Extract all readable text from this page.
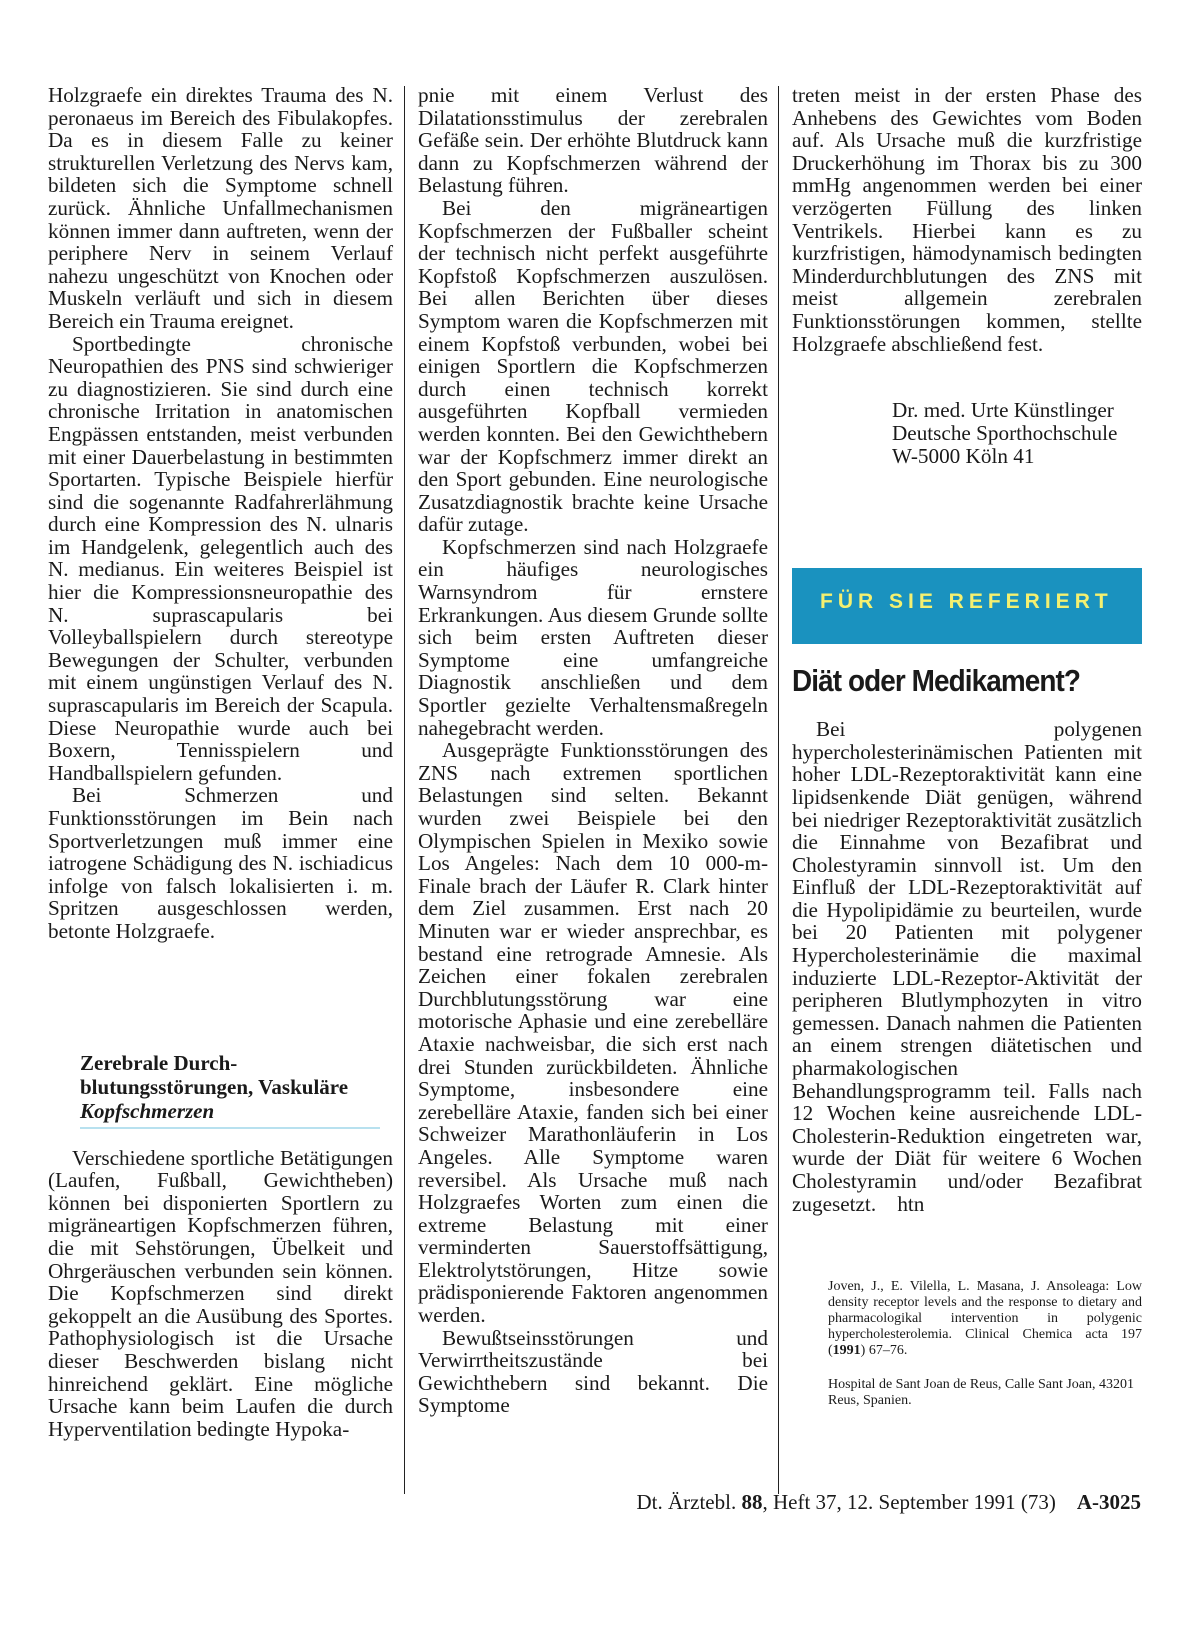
Holzgraefe ein direktes Trauma des N. peronaeus im Bereich des Fibulakopfes. Da es in diesem Falle zu keiner strukturellen Verletzung des Nervs kam, bildeten sich die Symptome schnell zurück. Ähnliche Unfallmechanismen können immer dann auftreten, wenn der periphere Nerv in seinem Verlauf nahezu ungeschützt von Knochen oder Muskeln verläuft und sich in diesem Bereich ein Trauma ereignet.

Sportbedingte chronische Neuropathien des PNS sind schwieriger zu diagnostizieren. Sie sind durch eine chronische Irritation in anatomischen Engpässen entstanden, meist verbunden mit einer Dauerbelastung in bestimmten Sportarten. Typische Beispiele hierfür sind die sogenannte Radfahrerlähmung durch eine Kompression des N. ulnaris im Handgelenk, gelegentlich auch des N. medianus. Ein weiteres Beispiel ist hier die Kompressionsneuropathie des N. suprascapularis bei Volleyballspielern durch stereotype Bewegungen der Schulter, verbunden mit einem ungünstigen Verlauf des N. suprascapularis im Bereich der Scapula. Diese Neuropathie wurde auch bei Boxern, Tennisspielern und Handballspielern gefunden.

Bei Schmerzen und Funktionsstörungen im Bein nach Sportverletzungen muß immer eine iatrogene Schädigung des N. ischiadicus infolge von falsch lokalisierten i. m. Spritzen ausgeschlossen werden, betonte Holzgraefe.

Zerebrale Durch-
blutungsstörungen, Vaskuläre
Kopfschmerzen

Verschiedene sportliche Betätigungen (Laufen, Fußball, Gewichtheben) können bei disponierten Sportlern zu migräneartigen Kopfschmerzen führen, die mit Sehstörungen, Übelkeit und Ohrgeräuschen verbunden sein können. Die Kopfschmerzen sind direkt gekoppelt an die Ausübung des Sportes. Pathophysiologisch ist die Ursache dieser Beschwerden bislang nicht hinreichend geklärt. Eine mögliche Ursache kann beim Laufen die durch Hyperventilation bedingte Hypoka-

pnie mit einem Verlust des Dilatationsstimulus der zerebralen Gefäße sein. Der erhöhte Blutdruck kann dann zu Kopfschmerzen während der Belastung führen.

Bei den migräneartigen Kopfschmerzen der Fußballer scheint der technisch nicht perfekt ausgeführte Kopfstoß Kopfschmerzen auszulösen. Bei allen Berichten über dieses Symptom waren die Kopfschmerzen mit einem Kopfstoß verbunden, wobei bei einigen Sportlern die Kopfschmerzen durch einen technisch korrekt ausgeführten Kopfball vermieden werden konnten. Bei den Gewichthebern war der Kopfschmerz immer direkt an den Sport gebunden. Eine neurologische Zusatzdiagnostik brachte keine Ursache dafür zutage.

Kopfschmerzen sind nach Holzgraefe ein häufiges neurologisches Warnsyndrom für ernstere Erkrankungen. Aus diesem Grunde sollte sich beim ersten Auftreten dieser Symptome eine umfangreiche Diagnostik anschließen und dem Sportler gezielte Verhaltensmaßregeln nahegebracht werden.

Ausgeprägte Funktionsstörungen des ZNS nach extremen sportlichen Belastungen sind selten. Bekannt wurden zwei Beispiele bei den Olympischen Spielen in Mexiko sowie Los Angeles: Nach dem 10 000-m-Finale brach der Läufer R. Clark hinter dem Ziel zusammen. Erst nach 20 Minuten war er wieder ansprechbar, es bestand eine retrograde Amnesie. Als Zeichen einer fokalen zerebralen Durchblutungsstörung war eine motorische Aphasie und eine zerebelläre Ataxie nachweisbar, die sich erst nach drei Stunden zurückbildeten. Ähnliche Symptome, insbesondere eine zerebelläre Ataxie, fanden sich bei einer Schweizer Marathonläuferin in Los Angeles. Alle Symptome waren reversibel. Als Ursache muß nach Holzgraefes Worten zum einen die extreme Belastung mit einer verminderten Sauerstoffsättigung, Elektrolytstörungen, Hitze sowie prädisponierende Faktoren angenommen werden.

Bewußtseinsstörungen und Verwirrtheitszustände bei Gewichthebern sind bekannt. Die Symptome

treten meist in der ersten Phase des Anhebens des Gewichtes vom Boden auf. Als Ursache muß die kurzfristige Druckerhöhung im Thorax bis zu 300 mmHg angenommen werden bei einer verzögerten Füllung des linken Ventrikels. Hierbei kann es zu kurzfristigen, hämodynamisch bedingten Minderdurchblutungen des ZNS mit meist allgemein zerebralen Funktionsstörungen kommen, stellte Holzgraefe abschließend fest.

Dr. med. Urte Künstlinger
Deutsche Sporthochschule
W-5000 Köln 41
FÜR SIE REFERIERT
Diät oder Medikament?

Bei polygenen hypercholesterinämischen Patienten mit hoher LDL-Rezeptoraktivität kann eine lipidsenkende Diät genügen, während bei niedriger Rezeptoraktivität zusätzlich die Einnahme von Bezafibrat und Cholestyramin sinnvoll ist. Um den Einfluß der LDL-Rezeptoraktivität auf die Hypolipidämie zu beurteilen, wurde bei 20 Patienten mit polygener Hypercholesterinämie die maximal induzierte LDL-Rezeptor-Aktivität der peripheren Blutlymphozyten in vitro gemessen. Danach nahmen die Patienten an einem strengen diätetischen und pharmakologischen Behandlungsprogramm teil. Falls nach 12 Wochen keine ausreichende LDL-Cholesterin-Reduktion eingetreten war, wurde der Diät für weitere 6 Wochen Cholestyramin und/oder Bezafibrat zugesetzt. htn

Joven, J., E. Vilella, L. Masana, J. Ansoleaga: Low density receptor levels and the response to dietary and pharmacologikal intervention in polygenic hypercholesterolemia. Clinical Chemica acta 197 (1991) 67–76.
Hospital de Sant Joan de Reus, Calle Sant Joan, 43201 Reus, Spanien.
Dt. Ärztebl. 88, Heft 37, 12. September 1991 (73) A-3025
